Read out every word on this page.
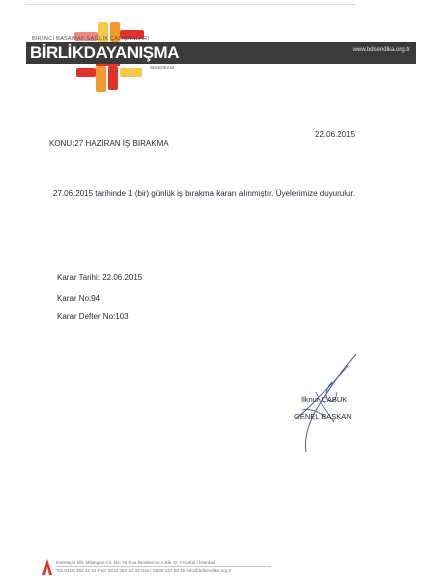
www.bdsendika.org.tr
BİRİNCİ BASAMAK SAĞLIK ÇALIŞANLARI
BİRLİKDAYANIŞMA
SENDİKASI
22.06.2015
KONU:27 HAZİRAN İŞ BIRAKMA
27.06.2015 tarihinde 1 (bir) günlük iş bırakma kararı alınmıştır. Üyelerimize duyurulur.
Karar Tarihi: 22.06.2015
Karar No:94
Karar Defter No:103
İlknur ÇABUK
GENEL BAŞKAN
Esentepe Mh. Milangaz Cd. No: 75 Kva Residence A Blk. D: 3 Kartal / İstanbul
Tel: 0216 353 42 43 Fax: 0216 353 42 43 Gsm: 0506 157 68 45 info@bdsendika.org.tr
